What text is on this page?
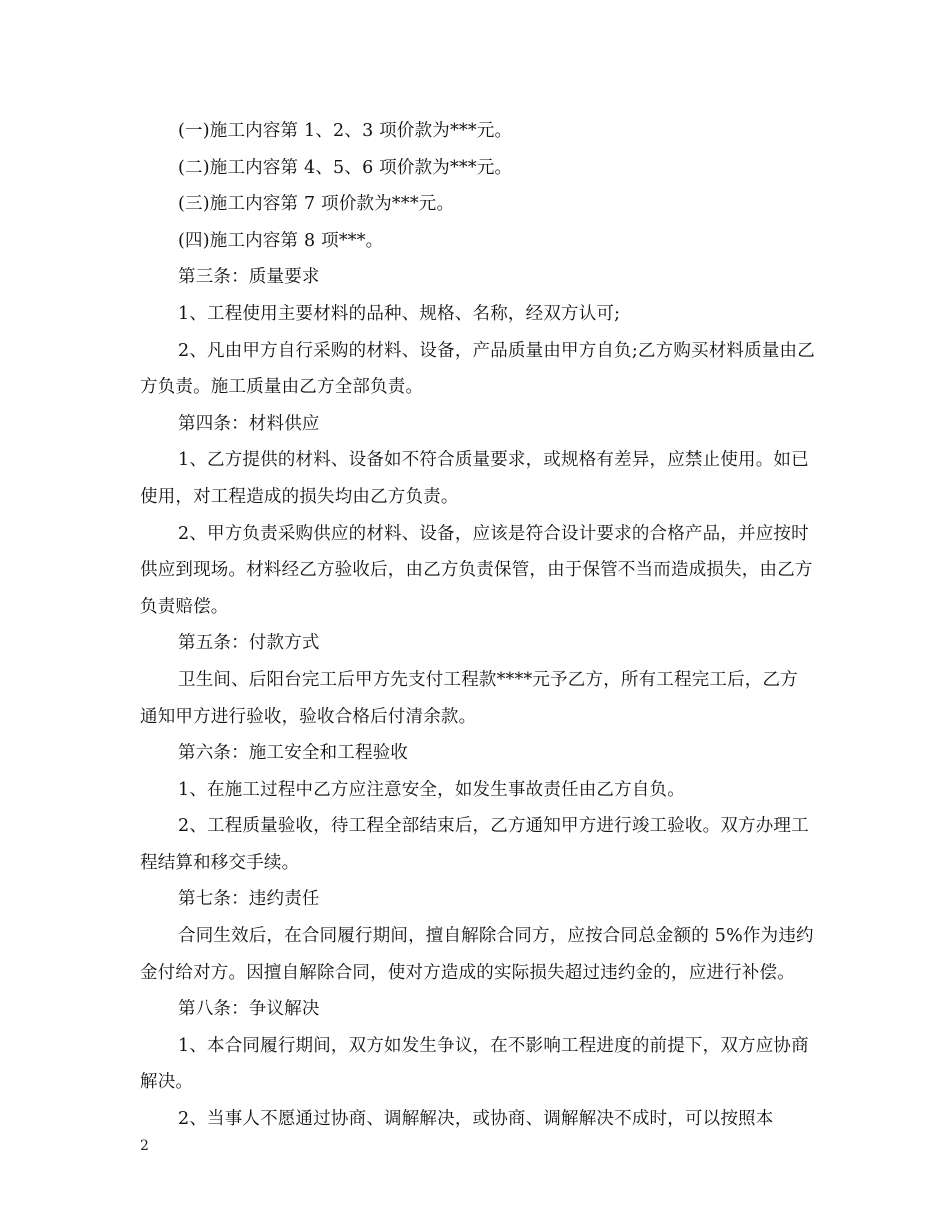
(一)施工内容第 1、2、3 项价款为***元。

(二)施工内容第 4、5、6 项价款为***元。

(三)施工内容第 7 项价款为***元。

(四)施工内容第 8 项***。

第三条：质量要求

1、工程使用主要材料的品种、规格、名称，经双方认可;

2、凡由甲方自行采购的材料、设备，产品质量由甲方自负;乙方购买材料质量由乙方负责。施工质量由乙方全部负责。

第四条：材料供应

1、乙方提供的材料、设备如不符合质量要求，或规格有差异，应禁止使用。如已使用，对工程造成的损失均由乙方负责。

2、甲方负责采购供应的材料、设备，应该是符合设计要求的合格产品，并应按时供应到现场。材料经乙方验收后，由乙方负责保管，由于保管不当而造成损失，由乙方负责赔偿。

第五条：付款方式

卫生间、后阳台完工后甲方先支付工程款****元予乙方，所有工程完工后，乙方通知甲方进行验收，验收合格后付清余款。

第六条：施工安全和工程验收

1、在施工过程中乙方应注意安全，如发生事故责任由乙方自负。

2、工程质量验收，待工程全部结束后，乙方通知甲方进行竣工验收。双方办理工程结算和移交手续。

第七条：违约责任

合同生效后，在合同履行期间，擅自解除合同方，应按合同总金额的 5%作为违约金付给对方。因擅自解除合同，使对方造成的实际损失超过违约金的，应进行补偿。

第八条：争议解决

1、本合同履行期间，双方如发生争议，在不影响工程进度的前提下，双方应协商解决。

2、当事人不愿通过协商、调解解决，或协商、调解解决不成时，可以按照本

2
